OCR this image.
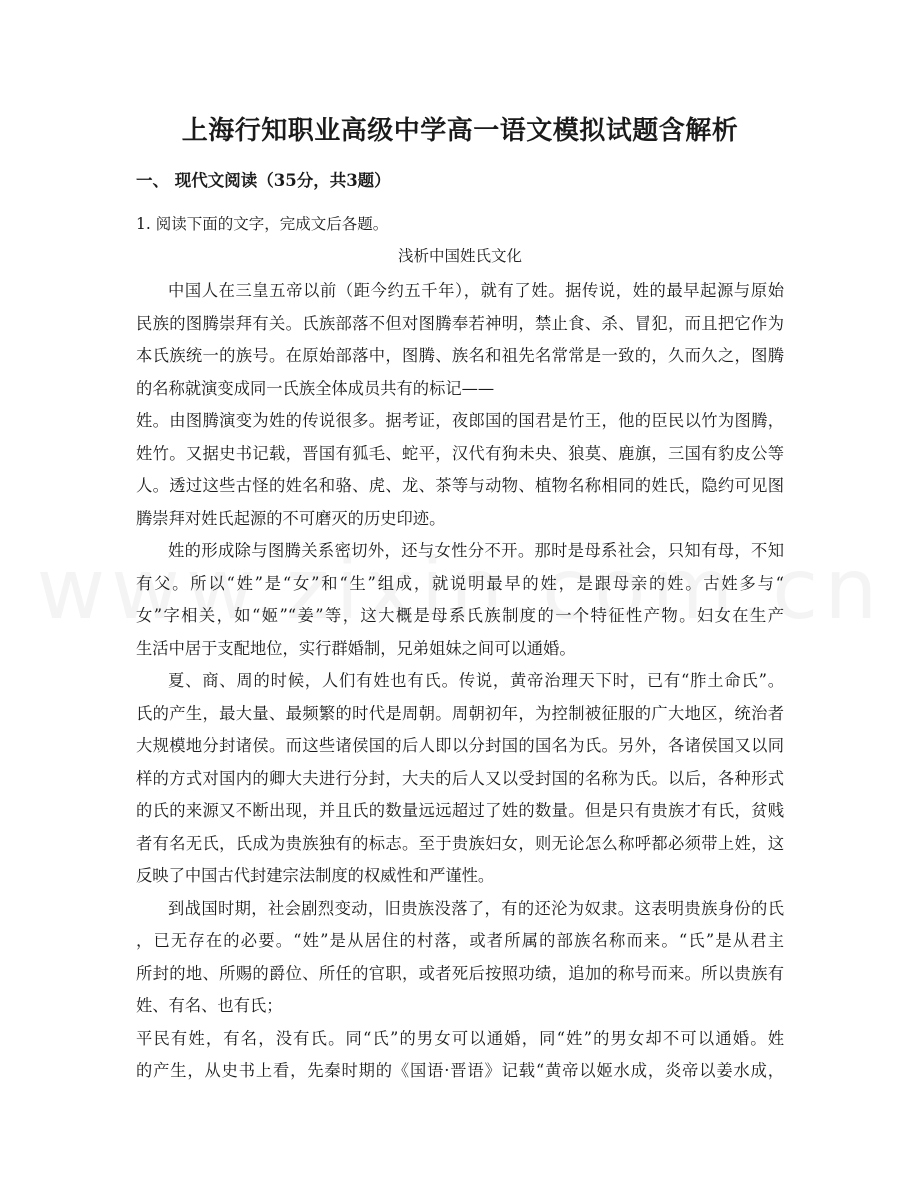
上海行知职业高级中学高一语文模拟试题含解析
一、 现代文阅读（35分，共3题）
1. 阅读下面的文字，完成文后各题。
浅析中国姓氏文化
中国人在三皇五帝以前（距今约五千年），就有了姓。据传说，姓的最早起源与原始
民族的图腾崇拜有关。氏族部落不但对图腾奉若神明，禁止食、杀、冒犯，而且把它作为
本氏族统一的族号。在原始部落中，图腾、族名和祖先名常常是一致的，久而久之，图腾
的名称就演变成同一氏族全体成员共有的标记——
姓。由图腾演变为姓的传说很多。据考证，夜郎国的国君是竹王，他的臣民以竹为图腾，
姓竹。又据史书记载，晋国有狐毛、蛇平，汉代有狗未央、狼莫、鹿旗，三国有豹皮公等
人。透过这些古怪的姓名和骆、虎、龙、茶等与动物、植物名称相同的姓氏，隐约可见图
腾崇拜对姓氏起源的不可磨灭的历史印迹。
姓的形成除与图腾关系密切外，还与女性分不开。那时是母系社会，只知有母，不知
有父。所以“姓”是“女”和“生”组成，就说明最早的姓，是跟母亲的姓。古姓多与“
女”字相关，如“姬”“姜”等，这大概是母系氏族制度的一个特征性产物。妇女在生产
生活中居于支配地位，实行群婚制，兄弟姐妹之间可以通婚。
夏、商、周的时候，人们有姓也有氏。传说，黄帝治理天下时，已有“胙土命氏”。
氏的产生，最大量、最频繁的时代是周朝。周朝初年，为控制被征服的广大地区，统治者
大规模地分封诸侯。而这些诸侯国的后人即以分封国的国名为氏。另外，各诸侯国又以同
样的方式对国内的卿大夫进行分封，大夫的后人又以受封国的名称为氏。以后，各种形式
的氏的来源又不断出现，并且氏的数量远远超过了姓的数量。但是只有贵族才有氏，贫贱
者有名无氏，氏成为贵族独有的标志。至于贵族妇女，则无论怎么称呼都必须带上姓，这
反映了中国古代封建宗法制度的权威性和严谨性。
到战国时期，社会剧烈变动，旧贵族没落了，有的还沦为奴隶。这表明贵族身份的氏
，已无存在的必要。“姓”是从居住的村落，或者所属的部族名称而来。“氏”是从君主
所封的地、所赐的爵位、所任的官职，或者死后按照功绩，追加的称号而来。所以贵族有
姓、有名、也有氏；
平民有姓，有名，没有氏。同“氏”的男女可以通婚，同“姓”的男女却不可以通婚。姓
的产生，从史书上看，先秦时期的《国语·晋语》记载“黄帝以姬水成，炎帝以姜水成，
